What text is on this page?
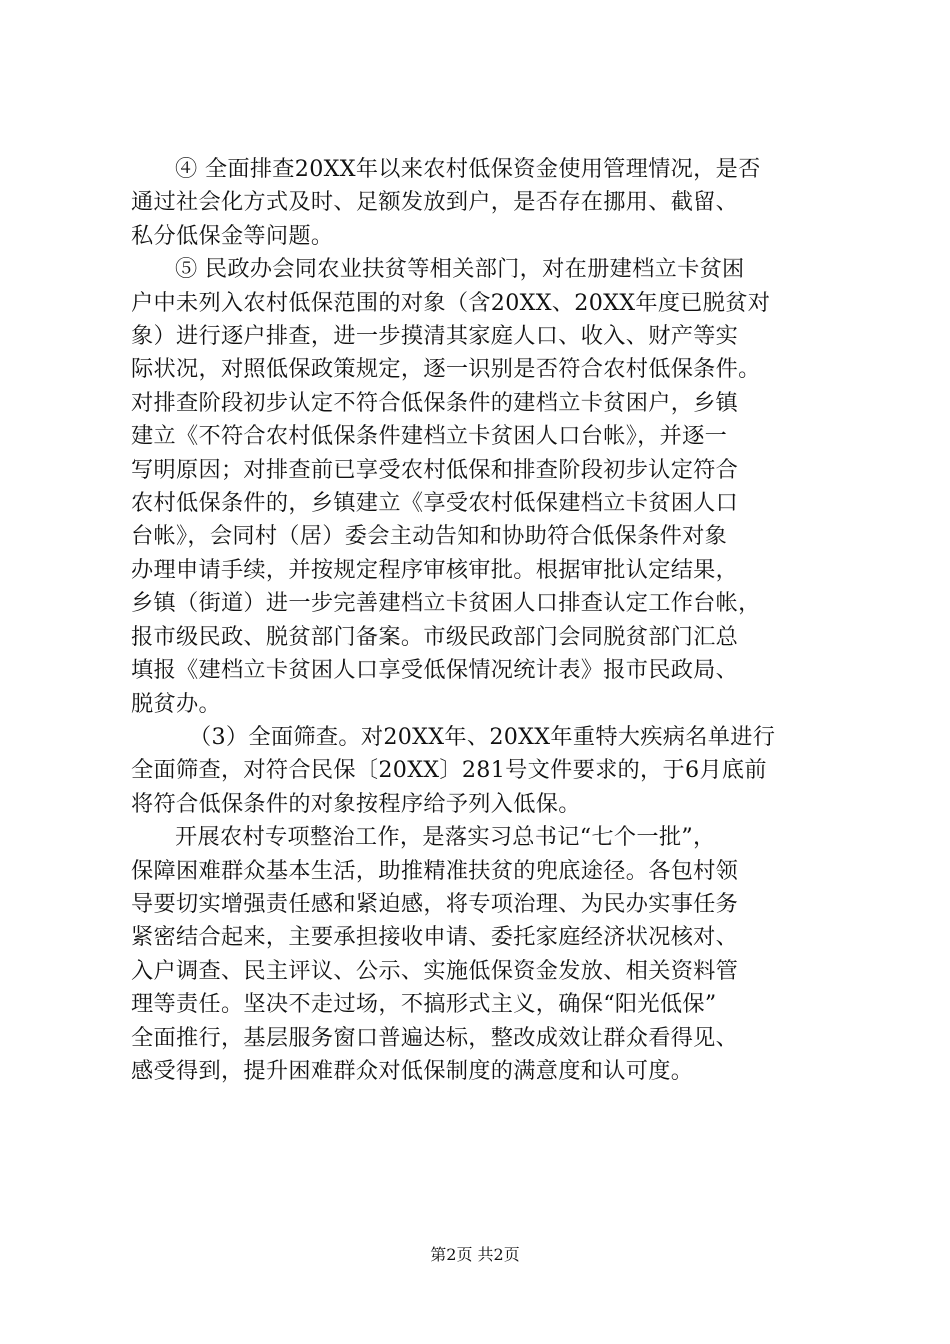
④ 全面排查20XX年以来农村低保资金使用管理情况，是否
通过社会化方式及时、足额发放到户，是否存在挪用、截留、
私分低保金等问题。

⑤ 民政办会同农业扶贫等相关部门，对在册建档立卡贫困
户中未列入农村低保范围的对象（含20XX、20XX年度已脱贫对
象）进行逐户排查，进一步摸清其家庭人口、收入、财产等实
际状况，对照低保政策规定，逐一识别是否符合农村低保条件。
对排查阶段初步认定不符合低保条件的建档立卡贫困户，乡镇
建立《不符合农村低保条件建档立卡贫困人口台帐》，并逐一
写明原因；对排查前已享受农村低保和排查阶段初步认定符合
农村低保条件的，乡镇建立《享受农村低保建档立卡贫困人口
台帐》，会同村（居）委会主动告知和协助符合低保条件对象
办理申请手续，并按规定程序审核审批。根据审批认定结果，
乡镇（街道）进一步完善建档立卡贫困人口排查认定工作台帐，
报市级民政、脱贫部门备案。市级民政部门会同脱贫部门汇总
填报《建档立卡贫困人口享受低保情况统计表》报市民政局、
脱贫办。

（3）全面筛查。对20XX年、20XX年重特大疾病名单进行
全面筛查，对符合民保〔20XX〕281号文件要求的，于6月底前
将符合低保条件的对象按程序给予列入低保。

开展农村专项整治工作，是落实习总书记“七个一批”，
保障困难群众基本生活，助推精准扶贫的兜底途径。各包村领
导要切实增强责任感和紧迫感，将专项治理、为民办实事任务
紧密结合起来，主要承担接收申请、委托家庭经济状况核对、
入户调查、民主评议、公示、实施低保资金发放、相关资料管
理等责任。坚决不走过场，不搞形式主义，确保“阳光低保”
全面推行，基层服务窗口普遍达标，整改成效让群众看得见、
感受得到，提升困难群众对低保制度的满意度和认可度。

第2页 共2页
